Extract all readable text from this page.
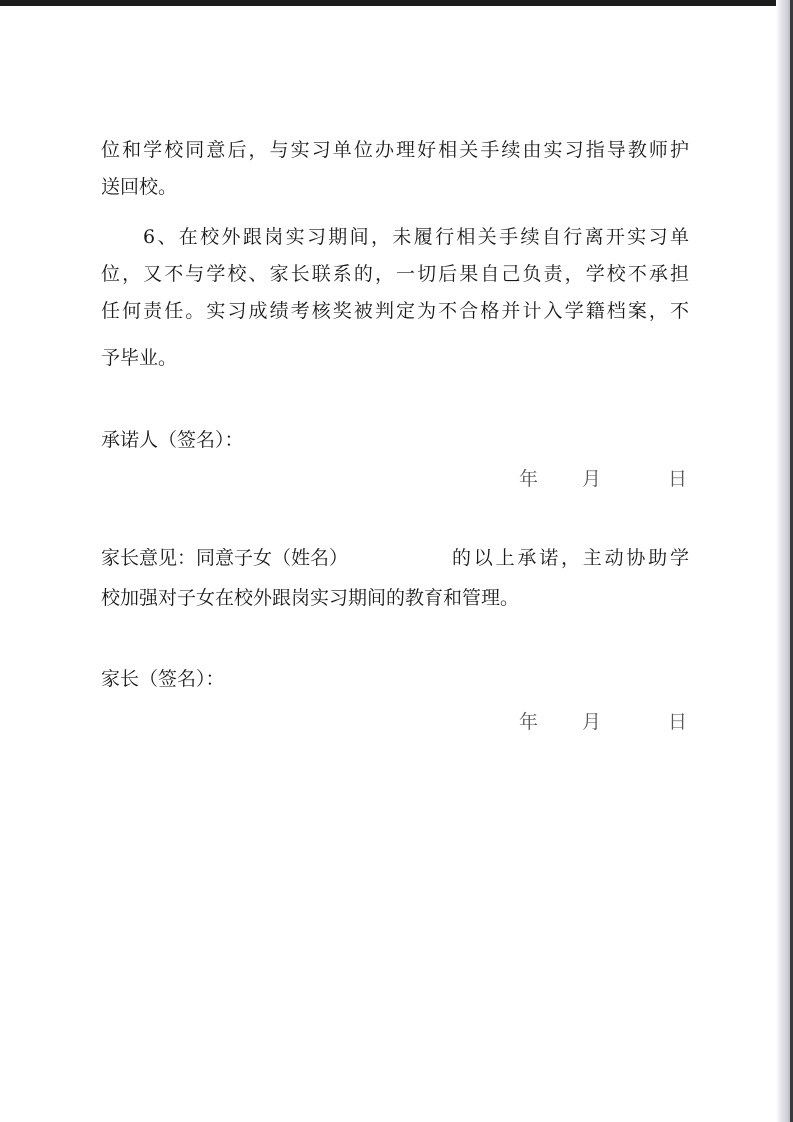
位和学校同意后，与实习单位办理好相关手续由实习指导教师护
送回校。
6、在校外跟岗实习期间，未履行相关手续自行离开实习单
位，又不与学校、家长联系的，一切后果自己负责，学校不承担
任何责任。实习成绩考核奖被判定为不合格并计入学籍档案，不
予毕业。
承诺人（签名）：
年 月	日
家长意见：同意子女（姓名）	的以上承诺，主动协助学
校加强对子女在校外跟岗实习期间的教育和管理。
家长（签名）：
年 月	日
